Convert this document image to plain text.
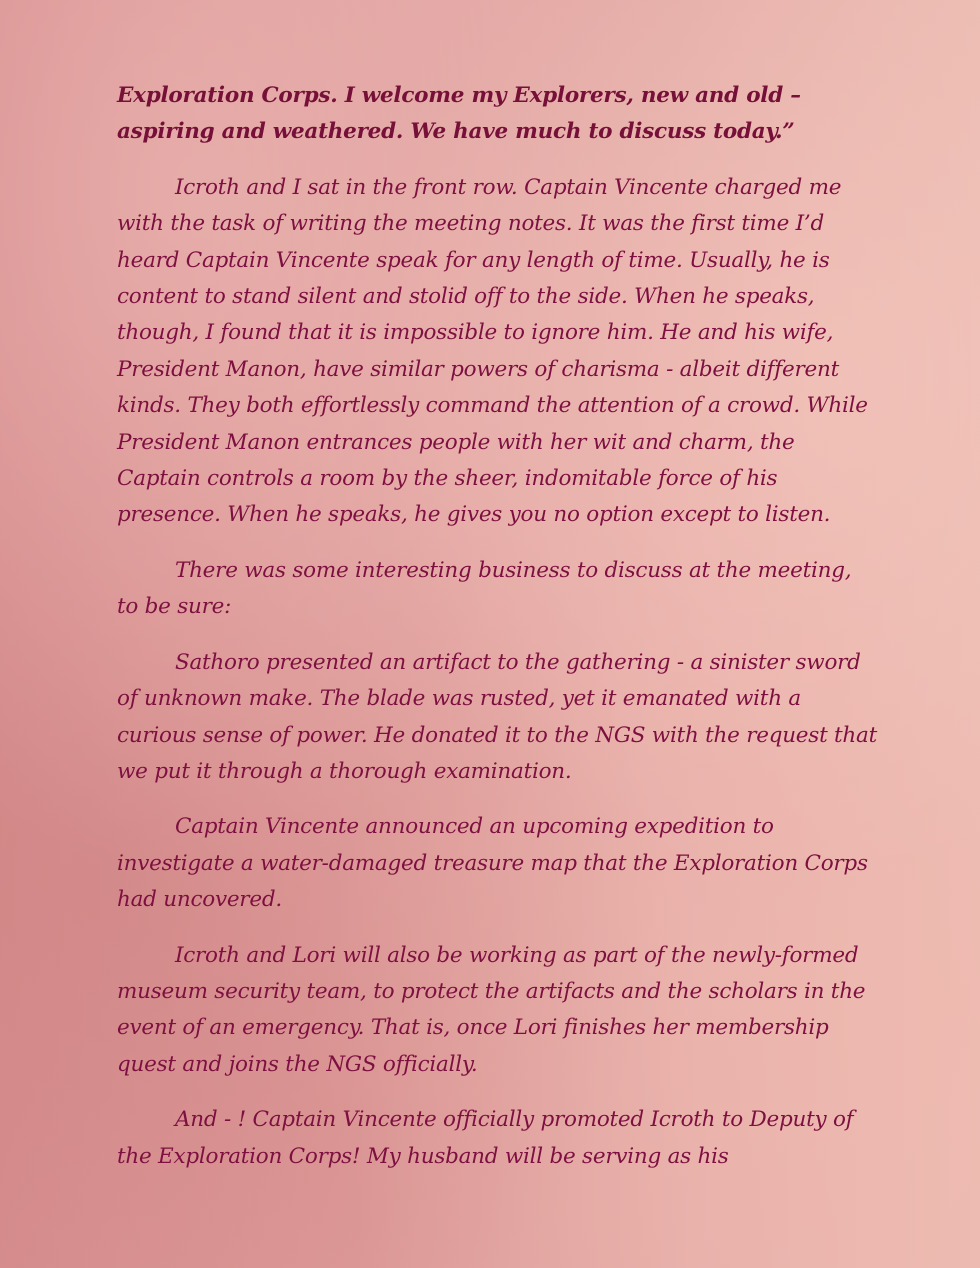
Exploration Corps. I welcome my Explorers, new and old – aspiring and weathered. We have much to discuss today.”

Icroth and I sat in the front row. Captain Vincente charged me with the task of writing the meeting notes. It was the first time I’d heard Captain Vincente speak for any length of time. Usually, he is content to stand silent and stolid off to the side. When he speaks, though, I found that it is impossible to ignore him. He and his wife, President Manon, have similar powers of charisma - albeit different kinds. They both effortlessly command the attention of a crowd. While President Manon entrances people with her wit and charm, the Captain controls a room by the sheer, indomitable force of his presence. When he speaks, he gives you no option except to listen.

There was some interesting business to discuss at the meeting, to be sure:

Sathoro presented an artifact to the gathering - a sinister sword of unknown make. The blade was rusted, yet it emanated with a curious sense of power. He donated it to the NGS with the request that we put it through a thorough examination.

Captain Vincente announced an upcoming expedition to investigate a water-damaged treasure map that the Exploration Corps had uncovered.

Icroth and Lori will also be working as part of the newly-formed museum security team, to protect the artifacts and the scholars in the event of an emergency. That is, once Lori finishes her membership quest and joins the NGS officially.

And - ! Captain Vincente officially promoted Icroth to Deputy of the Exploration Corps! My husband will be serving as his
